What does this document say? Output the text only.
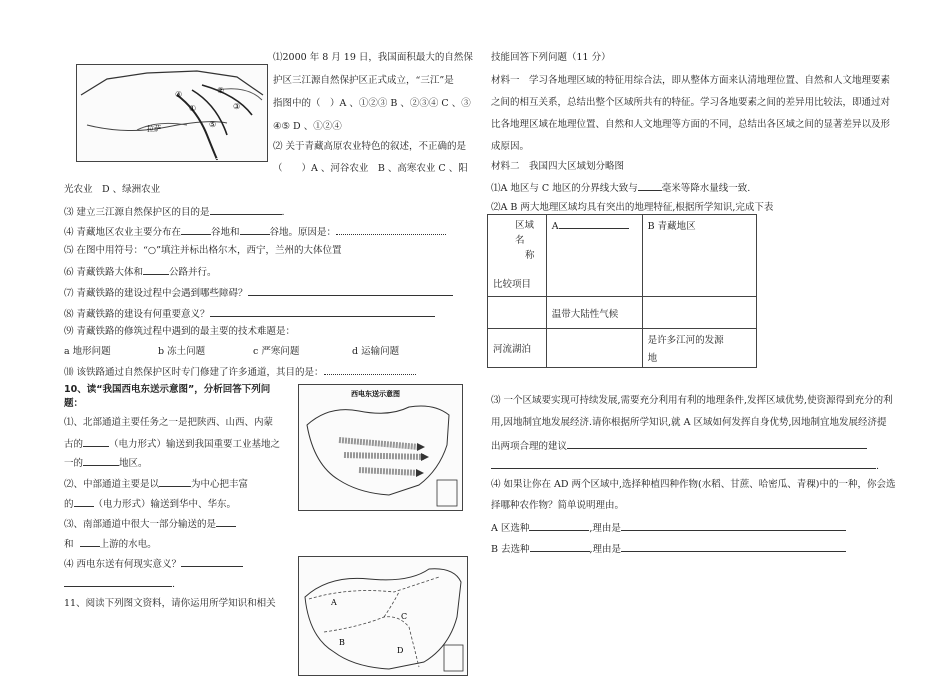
④
①
②
③
⑤
拉萨
⑴2000 年 8 月 19 日，我国面积最大的自然保
护区三江源自然保护区正式成立，“三江”是
指图中的（　）A 、①②③ B 、②③④ C 、③
④⑤ D 、①②④
⑵ 关于青藏高原农业特色的叙述，不正确的是
（　　）A 、河谷农业　B 、高寒农业 C 、阳
光农业　D 、绿洲农业
⑶ 建立三江源自然保护区的目的是	.
⑷ 青藏地区农业主要分布在	谷地和	谷地。原因是：
⑸ 在图中用符号：“○”填注并标出格尔木，西宁，兰州的大体位置
⑹ 青藏铁路大体和	公路并行。
⑺ 青藏铁路的建设过程中会遇到哪些障碍？
⑻ 青藏铁路的建设有何重要意义？
⑼ 青藏铁路的修筑过程中遇到的最主要的技术难题是：
a 地形问题	b 冻土问题	c 严寒问题	d 运输问题
⑽ 该铁路通过自然保护区时专门修建了许多通道，其目的是：
10、读“我国西电东送示意图”，分析回答下列问
题：
⑴、北部通道主要任务之一是把陕西、山西、内蒙
古的	（电力形式）输送到我国重要工业基地之
一的	地区。
⑵、中部通道主要是以	为中心把丰富
的 （电力形式）输送到华中、华东。
⑶、南部通道中很大一部分输送的是
和	上游的水电。
⑷ 西电东送有何现实意义？
.
11、阅读下列图文资料，请你运用所学知识和相关
西电东送示意图
A
B
C
D
技能回答下列问题（11 分）
材料一　学习各地理区域的特征用综合法，即从整体方面来认清地理位置、自然和人文地理要素
之间的相互关系，总结出整个区域所共有的特征。学习各地要素之间的差异用比较法，即通过对
比各地理区域在地理位置、自然和人文地理等方面的不同，总结出各区域之间的显著差异以及形
成原因。
材料二　我国四大区域划分略图
⑴A 地区与 C 地区的分界线大致与	毫米等降水量线一致.
⑵A B 两大地理区域均具有突出的地理特征,根据所学知识,完成下表
区域名
称
比较项目	A	B 青藏地区
	温带大陆性气候	
河流湖泊		是许多江河的发源
地
⑶ 一个区域要实现可持续发展,需要充分利用有利的地理条件,发挥区域优势,使资源得到充分的利
用,因地制宜地发展经济.请你根据所学知识,就 A 区域如何发挥自身优势,因地制宜地发展经济提
出两项合理的建议
.
⑷ 如果让你在 AD 两个区域中,选择种植四种作物(水稻、甘蔗、哈密瓜、青稞)中的一种，你会选
择哪种农作物？简单说明理由。
A 区选种	,理由是
B 去选种	,理由是
